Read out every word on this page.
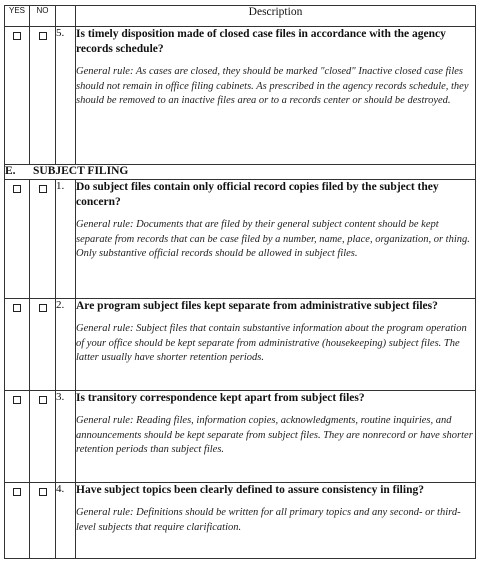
YES	NO		Description
		5.	Is timely disposition made of closed case files in accordance with the agency records schedule?

General rule: As cases are closed, they should be marked "closed" Inactive closed case files should not remain in office filing cabinets. As prescribed in the agency records schedule, they should be removed to an inactive files area or to a records center or should be destroyed.

E. SUBJECT FILING			
		1.	Do subject files contain only official record copies filed by the subject they concern?

General rule: Documents that are filed by their general subject content should be kept separate from records that can be case filed by a number, name, place, organization, or thing. Only substantive official records should be allowed in subject files.

		2.	Are program subject files kept separate from administrative subject files?

General rule: Subject files that contain substantive information about the program operation of your office should be kept separate from administrative (housekeeping) subject files. The latter usually have shorter retention periods.

		3.	Is transitory correspondence kept apart from subject files?

General rule: Reading files, information copies, acknowledgments, routine inquiries, and announcements should be kept separate from subject files. They are nonrecord or have shorter retention periods than subject files.

		4.	Have subject topics been clearly defined to assure consistency in filing?

General rule: Definitions should be written for all primary topics and any second- or third-level subjects that require clarification.
